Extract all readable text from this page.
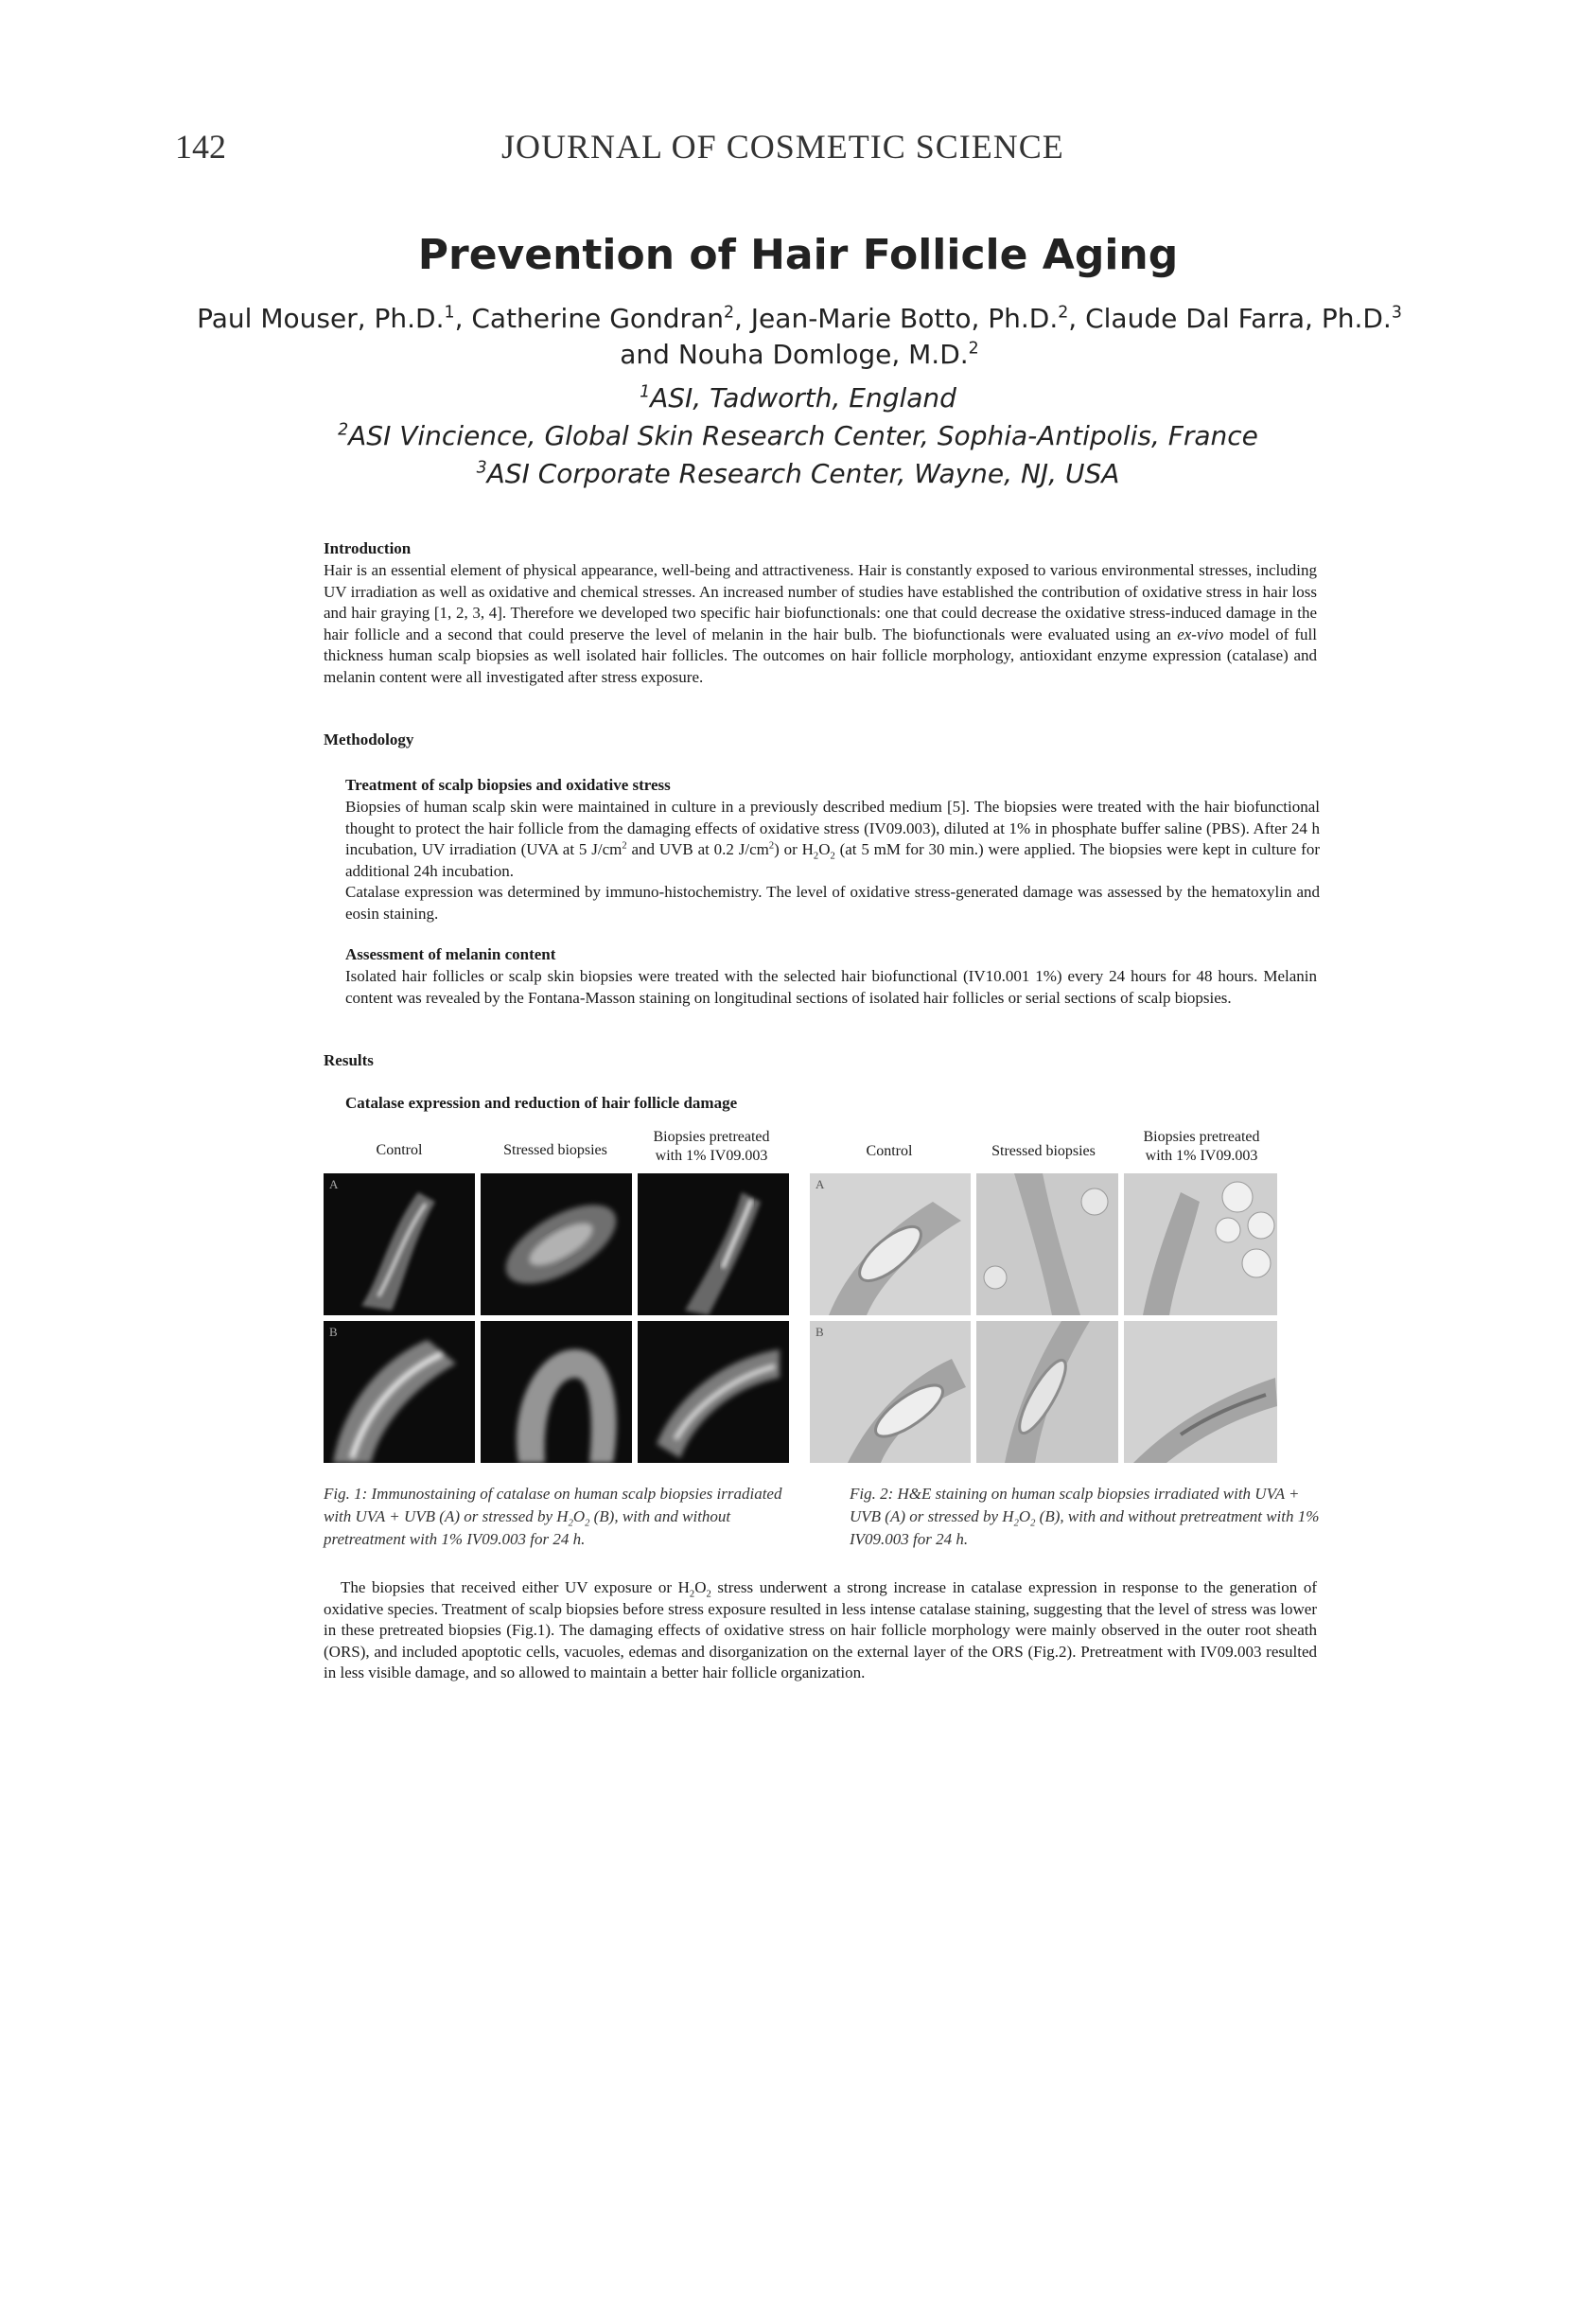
142	JOURNAL OF COSMETIC SCIENCE
Prevention of Hair Follicle Aging
Paul Mouser, Ph.D.$^1$, Catherine Gondran$^2$, Jean-Marie Botto, Ph.D.$^2$, Claude Dal Farra, Ph.D.$^3$ and Nouha Domloge, M.D.$^2$
$^1$ASI, Tadworth, England
$^2$ASI Vincience, Global Skin Research Center, Sophia-Antipolis, France
$^3$ASI Corporate Research Center, Wayne, NJ, USA
Introduction
Hair is an essential element of physical appearance, well-being and attractiveness. Hair is constantly exposed to various environmental stresses, including UV irradiation as well as oxidative and chemical stresses. An increased number of studies have established the contribution of oxidative stress in hair loss and hair graying [1, 2, 3, 4]. Therefore we developed two specific hair biofunctionals: one that could decrease the oxidative stress-induced damage in the hair follicle and a second that could preserve the level of melanin in the hair bulb. The biofunctionals were evaluated using an ex-vivo model of full thickness human scalp biopsies as well isolated hair follicles. The outcomes on hair follicle morphology, antioxidant enzyme expression (catalase) and melanin content were all investigated after stress exposure.
Methodology
Treatment of scalp biopsies and oxidative stress
Biopsies of human scalp skin were maintained in culture in a previously described medium [5]. The biopsies were treated with the hair biofunctional thought to protect the hair follicle from the damaging effects of oxidative stress (IV09.003), diluted at 1% in phosphate buffer saline (PBS). After 24 h incubation, UV irradiation (UVA at 5 $J/cm^2$ and UVB at 0.2 $J/cm^2$) or $H_2O_2$ (at 5 mM for 30 min.) were applied. The biopsies were kept in culture for additional 24h incubation.
Catalase expression was determined by immuno-histochemistry. The level of oxidative stress-generated damage was assessed by the hematoxylin and eosin staining.
Assessment of melanin content
Isolated hair follicles or scalp skin biopsies were treated with the selected hair biofunctional (IV10.001 1%) every 24 hours for 48 hours. Melanin content was revealed by the Fontana-Masson staining on longitudinal sections of isolated hair follicles or serial sections of scalp biopsies.
Results
Catalase expression and reduction of hair follicle damage
Control	Stressed biopsies
Biopsies pretreated
with 1% IV09.003
A
B
Control	Stressed biopsies
Biopsies pretreated
with 1% IV09.003
A
B
Fig. 1: Immunostaining of catalase on human scalp biopsies irradiated with UVA + UVB (A) or stressed by $H_2O_2$ (B), with and without pretreatment with 1% IV09.003 for 24 h.
Fig. 2: H&E staining on human scalp biopsies irradiated with UVA + UVB (A) or stressed by $H_2O_2$ (B), with and without pretreatment with 1% IV09.003 for 24 h.
The biopsies that received either UV exposure or $H_2O_2$ stress underwent a strong increase in catalase expression in response to the generation of oxidative species. Treatment of scalp biopsies before stress exposure resulted in less intense catalase staining, suggesting that the level of stress was lower in these pretreated biopsies (Fig.1). The damaging effects of oxidative stress on hair follicle morphology were mainly observed in the outer root sheath (ORS), and included apoptotic cells, vacuoles, edemas and disorganization on the external layer of the ORS (Fig.2). Pretreatment with IV09.003 resulted in less visible damage, and so allowed to maintain a better hair follicle organization.
